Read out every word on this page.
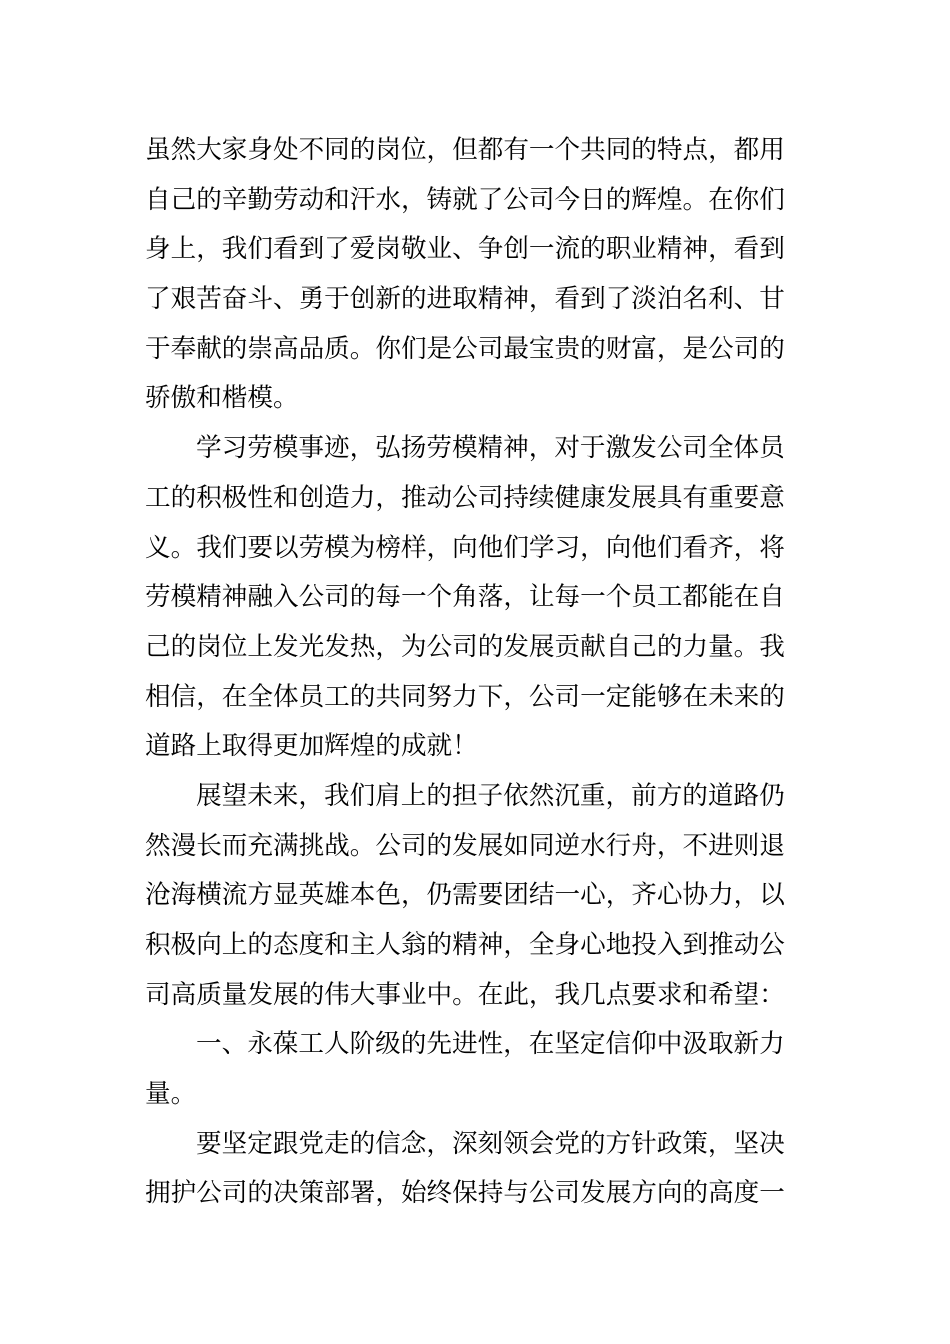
虽然大家身处不同的岗位，但都有一个共同的特点，都用
自己的辛勤劳动和汗水，铸就了公司今日的辉煌。在你们
身上，我们看到了爱岗敬业、争创一流的职业精神，看到
了艰苦奋斗、勇于创新的进取精神，看到了淡泊名利、甘
于奉献的崇高品质。你们是公司最宝贵的财富，是公司的
骄傲和楷模。
学习劳模事迹，弘扬劳模精神，对于激发公司全体员
工的积极性和创造力，推动公司持续健康发展具有重要意
义。我们要以劳模为榜样，向他们学习，向他们看齐，将
劳模精神融入公司的每一个角落，让每一个员工都能在自
己的岗位上发光发热，为公司的发展贡献自己的力量。我
相信，在全体员工的共同努力下，公司一定能够在未来的
道路上取得更加辉煌的成就！
展望未来，我们肩上的担子依然沉重，前方的道路仍
然漫长而充满挑战。公司的发展如同逆水行舟，不进则退
沧海横流方显英雄本色，仍需要团结一心，齐心协力，以
积极向上的态度和主人翁的精神，全身心地投入到推动公
司高质量发展的伟大事业中。在此，我几点要求和希望：
一、永葆工人阶级的先进性，在坚定信仰中汲取新力
量。
要坚定跟党走的信念，深刻领会党的方针政策，坚决
拥护公司的决策部署，始终保持与公司发展方向的高度一
